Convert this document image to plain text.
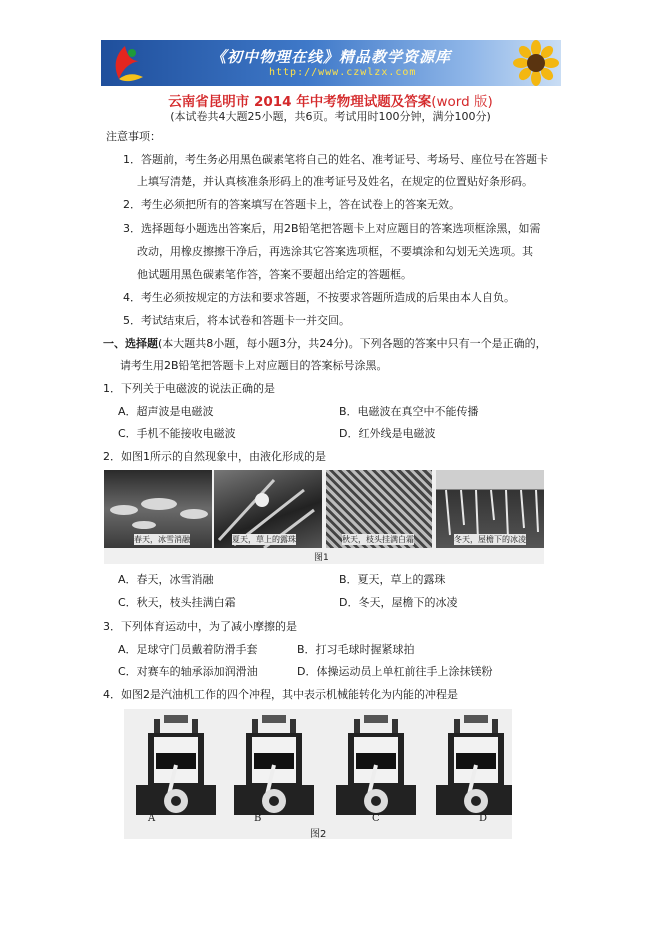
《初中物理在线》精品教学资源库
http://www.czwlzx.com
云南省昆明市 2014 年中考物理试题及答案(word 版)
(本试卷共4大题25小题，共6页。考试用时100分钟，满分100分)
注意事项：
1．答题前，考生务必用黑色碳素笔将自己的姓名、准考证号、考场号、座位号在答题卡
上填写清楚，并认真核准条形码上的准考证号及姓名，在规定的位置贴好条形码。
2．考生必须把所有的答案填写在答题卡上，答在试卷上的答案无效。
3．选择题每小题选出答案后，用2B铅笔把答题卡上对应题目的答案选项框涂黑，如需
改动，用橡皮擦擦干净后，再选涂其它答案选项框，不要填涂和勾划无关选项。其
他试题用黑色碳素笔作答，答案不要超出给定的答题框。
4．考生必须按规定的方法和要求答题，不按要求答题所造成的后果由本人自负。
5．考试结束后，将本试卷和答题卡一并交回。
一、选择题(本大题共8小题，每小题3分，共24分)。下列各题的答案中只有一个是正确的，
请考生用2B铅笔把答题卡上对应题目的答案标号涂黑。
1．下列关于电磁波的说法正确的是
A．超声波是电磁波	B．电磁波在真空中不能传播
C．手机不能接收电磁波	D．红外线是电磁波
2．如图1所示的自然现象中，由液化形成的是
春天，冰雪消融	夏天，草上的露珠	秋天，枝头挂满白霜	冬天，屋檐下的冰凌
图1
A．春天，冰雪消融	B．夏天，草上的露珠
C．秋天，枝头挂满白霜	D．冬天，屋檐下的冰凌
3．下列体育运动中，为了减小摩擦的是
A．足球守门员戴着防滑手套	B．打习毛球时握紧球拍
C．对赛车的轴承添加润滑油	D．体操运动员上单杠前往手上涂抹镁粉
4．如图2是汽油机工作的四个冲程，其中表示机械能转化为内能的冲程是
A	B	C	D
图2
